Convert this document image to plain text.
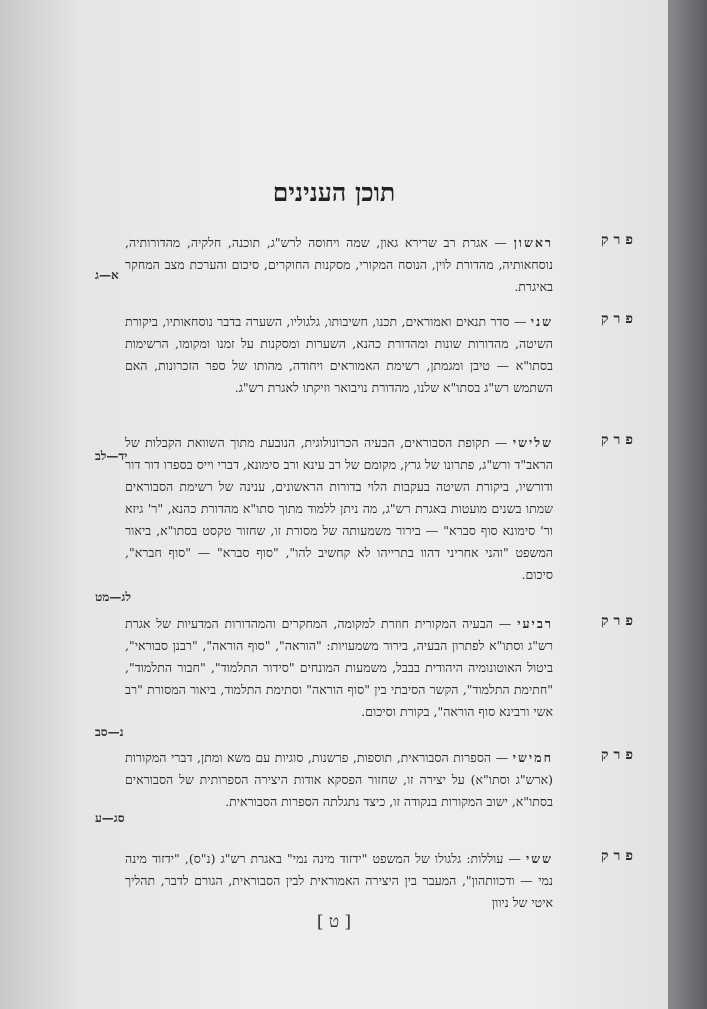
תוכן הענינים
פרק
ראשון — אגרת רב שרירא גאון, שמה ויחוסה לרש"ג, תוכנה, חלקיה, מהדורותיה, נוסחאותיה, מהדורת לוין, הנוסח המקורי, מסקנות החוקרים, סיכום והערכת מצב המחקר באיגרת.
א—ג
פרק
שני — סדר תנאים ואמוראים, תכנו, חשיבותו, גלגוליו, השערה בדבר נוסחאותיו, ביקורת השיטה, מהדורות שונות ומהדורת כהנא, השערות ומסקנות על זמנו ומקומו, הרשימות בסתו"א — טיבן ומגמתן, רשימת האמוראים ויחודה, מהותו של ספר הזכרונות, האם השתמש רש"ג בסתו"א שלנו, מהדורת נויבואר וזיקתו לאגרת רש"ג.
יד—לב
פרק
שלישי — תקופת הסבוראים, הבעיה הכרונולוגית, הנובעת מתוך השוואת הקבלות של הראב"ד ורש"ג, פתרונו של גרץ, מקומם של רב עינא ורב סימונא, דברי וייס בספרו דור דור ודורשיו, ביקורת השיטה בעקבות הלוי בדורות הראשונים, ענינה של רשימת הסבוראים שמתו בשנים מועטות באגרת רש"ג, מה ניתן ללמוד מתוך סתו"א מהדורת כהנא, "ר' גיזא ור' סימונא סוף סברא" — בירור משמעותה של מסורת זו, שחזור טקסט בסתו"א, ביאור המשפט "והני אחריני דהוו בתרייהו לא קחשיב להו", "סוף סברא" — "סוף חברא", סיכום.
לג—מט
פרק
רביעי — הבעיה המקורית חוזרת למקומה, המחקרים והמהדורות המדעיות של אגרת רש"ג וסתו"א לפתרון הבעיה, בירור משמעויות: "הוראה", "סוף הוראה", "רבנן סבוראי", ביטול האוטונומיה היהודית בבבל, משמעות המונחים "סידור התלמוד", "חבור התלמוד", "חתימת התלמוד", הקשר הסיבתי בין "סוף הוראה" וסתימת התלמוד, ביאור המסורת "רב אשי ורבינא סוף הוראה", בקורת וסיכום.
נ—סב
פרק
חמישי — הספרות הסבוראית, תוספות, פרשנות, סוגיות עם משא ומתן, דברי המקורות (ארש"ג וסתו"א) על יצירה זו, שחזור הפסקא אודות היצירה הספרותית של הסבוראים בסתו"א, ישוב המקורות בנקודה זו, כיצד נתגלתה הספרות הסבוראית.
סג—ע
פרק
ששי — עוללות: גלגולו של המשפט "ידזוד מינה נמי" באגרת רש"ג (נ"ס), "ידזוד מינה נמי — ודכוותהון", המעבר בין היצירה האמוראית לבין הסבוראית, הגורם לדבר, תהליך איטי של ניוון
[ ט ]
